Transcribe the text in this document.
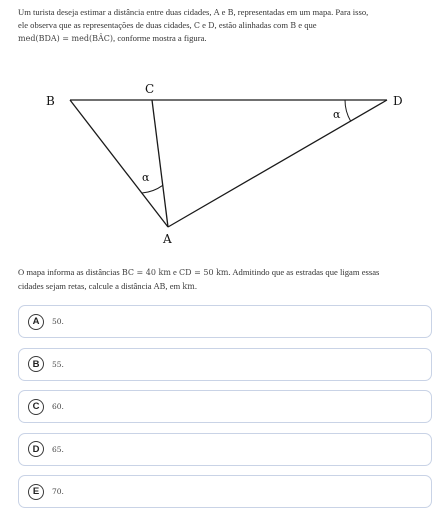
Um turista deseja estimar a distância entre duas cidades, A e B, representadas em um mapa. Para isso,
ele observa que as representações de duas cidades, C e D, estão alinhadas com B e que
med(BDA) = med(BÂC), conforme mostra a figura.
B
C
D
A
α
α
O mapa informa as distâncias BC = 40 km e CD = 50 km. Admitindo que as estradas que ligam essas
cidades sejam retas, calcule a distância AB, em km.
A	50.
B	55.
C	60.
D	65.
E	70.
